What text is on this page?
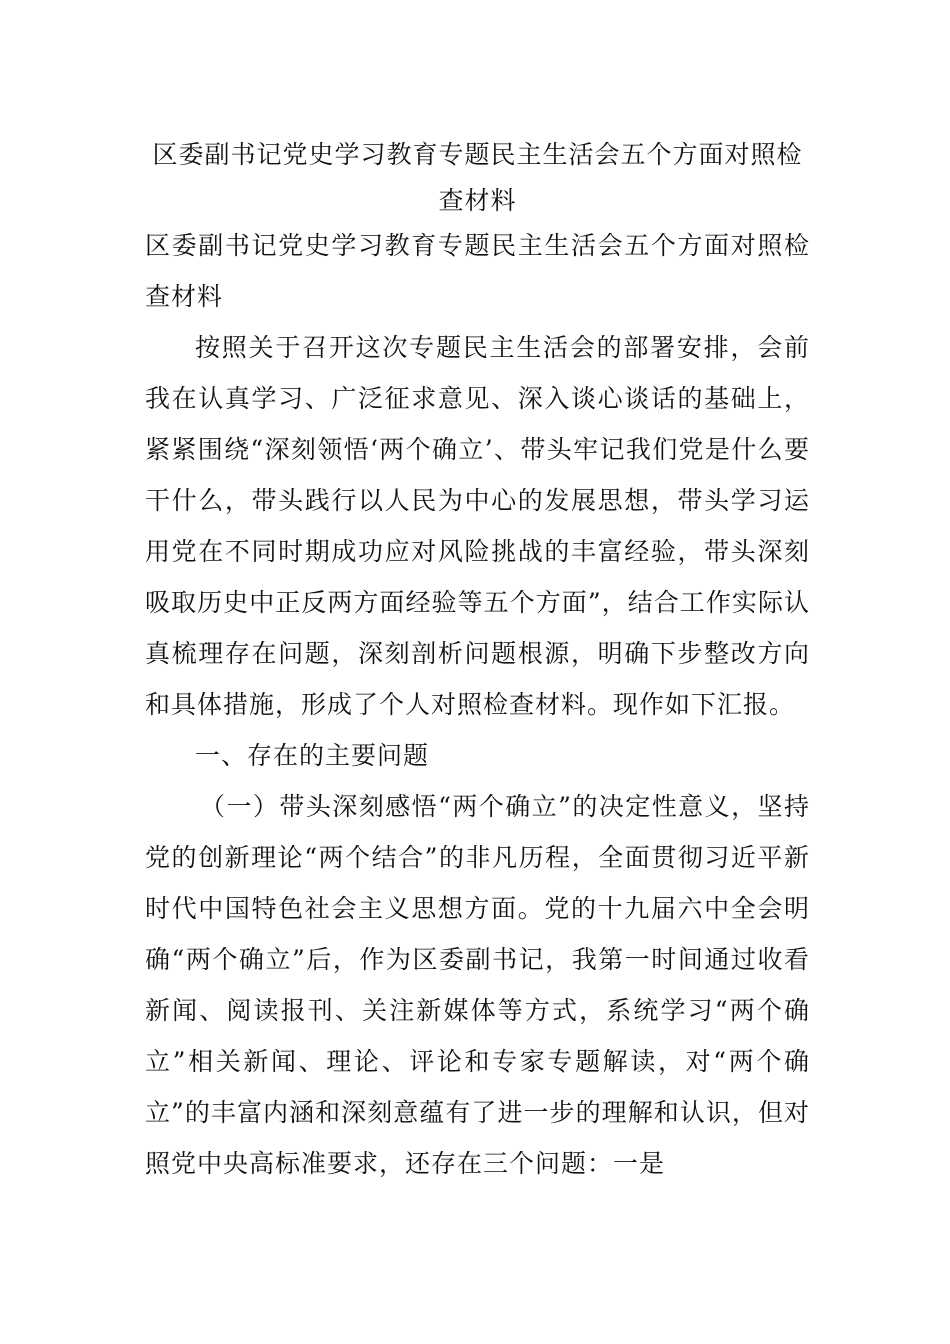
区委副书记党史学习教育专题民主生活会五个方面对照检查材料

区委副书记党史学习教育专题民主生活会五个方面对照检查材料

按照关于召开这次专题民主生活会的部署安排，会前我在认真学习、广泛征求意见、深入谈心谈话的基础上，紧紧围绕“深刻领悟‘两个确立’、带头牢记我们党是什么要干什么，带头践行以人民为中心的发展思想，带头学习运用党在不同时期成功应对风险挑战的丰富经验，带头深刻吸取历史中正反两方面经验等五个方面”，结合工作实际认真梳理存在问题，深刻剖析问题根源，明确下步整改方向和具体措施，形成了个人对照检查材料。现作如下汇报。

一、存在的主要问题

（一）带头深刻感悟“两个确立”的决定性意义，坚持党的创新理论“两个结合”的非凡历程，全面贯彻习近平新时代中国特色社会主义思想方面。党的十九届六中全会明确“两个确立”后，作为区委副书记，我第一时间通过收看新闻、阅读报刊、关注新媒体等方式，系统学习“两个确立”相关新闻、理论、评论和专家专题解读，对“两个确立”的丰富内涵和深刻意蕴有了进一步的理解和认识，但对照党中央高标准要求，还存在三个问题：一是
